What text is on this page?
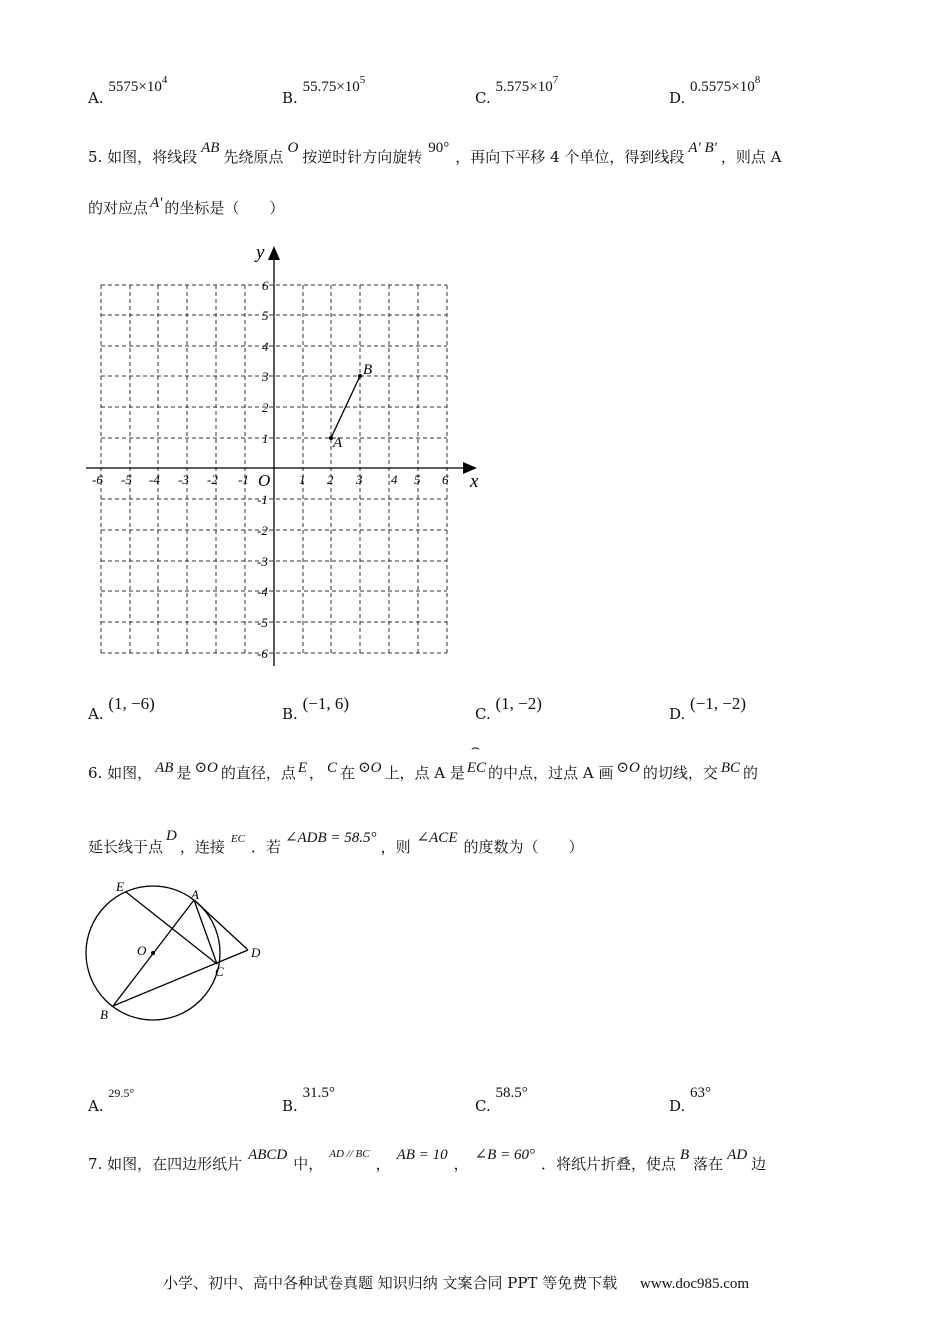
A. $5575\times 10^4$
B. $55.75\times 10^5$
C. $5.575\times 10^7$
D. $0.5575\times 10^8$
5. 如图，将线段 AB 先绕原点 O 按逆时针方向旋转 90° ，再向下平移 4 个单位，得到线段 A' B' ，则点 A
的对应点 A' 的坐标是（　　）
-6 -5 -4 -3 -2 -1	1 2 3 4 5 6
6
5
4
3
2
1
-1
-2
-3
-4
-5
-6
O	x
y
A
B
A. (1, −6)
B. (−1, 6)
C. (1, −2)
D. (−1, −2)
6. 如图， AB 是 ⊙O 的直径，点 E ， C 在 ⊙O 上，点 A 是
⌢
EC 的中点，过点 A 画 ⊙O 的切线，交 BC 的
延长线于点D，连接 $^{EC}$ ．若 ∠ADB = 58.5° ，则 ∠ACE 的度数为（　　）
E
A
O	D
C
B
A. $^{29.5^\circ}$
B. 31.5°
C. 58.5°
D. 63°
7. 如图，在四边形纸片 ABCD 中，$^{AD // BC}$， AB = 10 ， ∠B = 60° ．将纸片折叠，使点 B 落在 AD 边
小学、初中、高中各种试卷真题 知识归纳 文案合同 PPT 等免费下载 www.doc985.com
